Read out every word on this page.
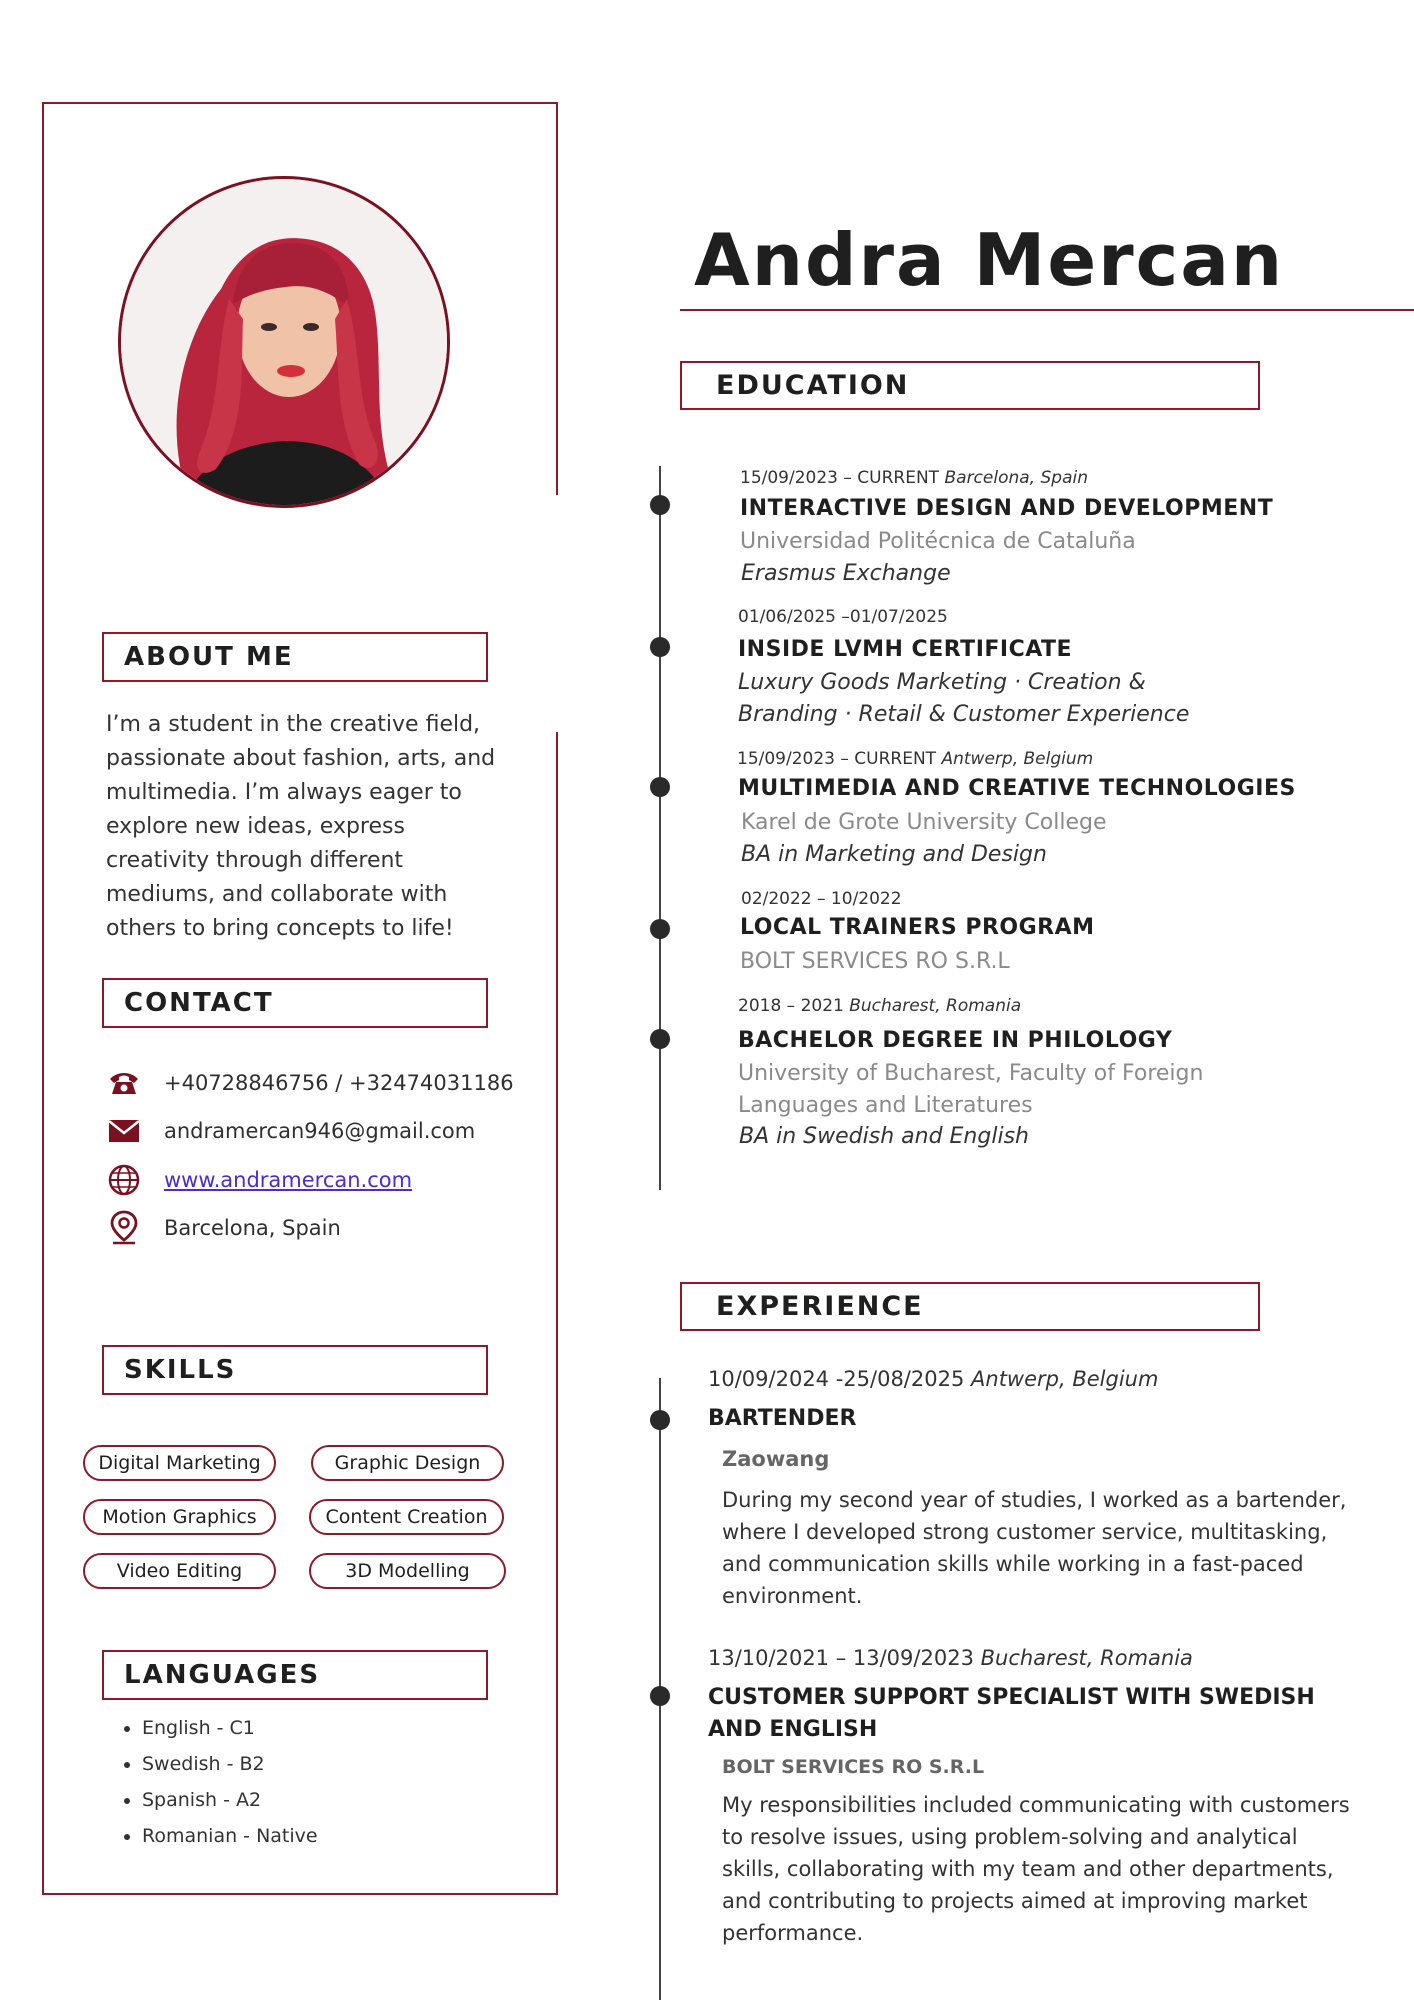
ABOUT ME
I’m a student in the creative field, passionate about fashion, arts, and multimedia. I’m always eager to explore new ideas, express creativity through different mediums, and collaborate with others to bring concepts to life!
CONTACT
+40728846756 / +32474031186
andramercan946@gmail.com
www.andramercan.com
Barcelona, Spain
SKILLS
Digital Marketing	Graphic Design
Motion Graphics	Content Creation
Video Editing	3D Modelling
LANGUAGES
• English - C1
• Swedish - B2
• Spanish - A2
• Romanian - Native
Andra Mercan
EDUCATION
15/09/2023 – CURRENT Barcelona, Spain
INTERACTIVE DESIGN AND DEVELOPMENT
Universidad Politécnica de Cataluña
Erasmus Exchange
01/06/2025 –01/07/2025
INSIDE LVMH CERTIFICATE
Luxury Goods Marketing · Creation &
Branding · Retail & Customer Experience
15/09/2023 – CURRENT Antwerp, Belgium
MULTIMEDIA AND CREATIVE TECHNOLOGIES
Karel de Grote University College
BA in Marketing and Design
02/2022 – 10/2022
LOCAL TRAINERS PROGRAM
BOLT SERVICES RO S.R.L
2018 – 2021 Bucharest, Romania
BACHELOR DEGREE IN PHILOLOGY
University of Bucharest, Faculty of Foreign
Languages and Literatures
BA in Swedish and English
EXPERIENCE
10/09/2024 -25/08/2025 Antwerp, Belgium
BARTENDER
Zaowang
During my second year of studies, I worked as a bartender, where I developed strong customer service, multitasking, and communication skills while working in a fast-paced environment.
13/10/2021 – 13/09/2023 Bucharest, Romania
CUSTOMER SUPPORT SPECIALIST WITH SWEDISH
AND ENGLISH
BOLT SERVICES RO S.R.L
My responsibilities included communicating with customers to resolve issues, using problem-solving and analytical skills, collaborating with my team and other departments, and contributing to projects aimed at improving market performance.
